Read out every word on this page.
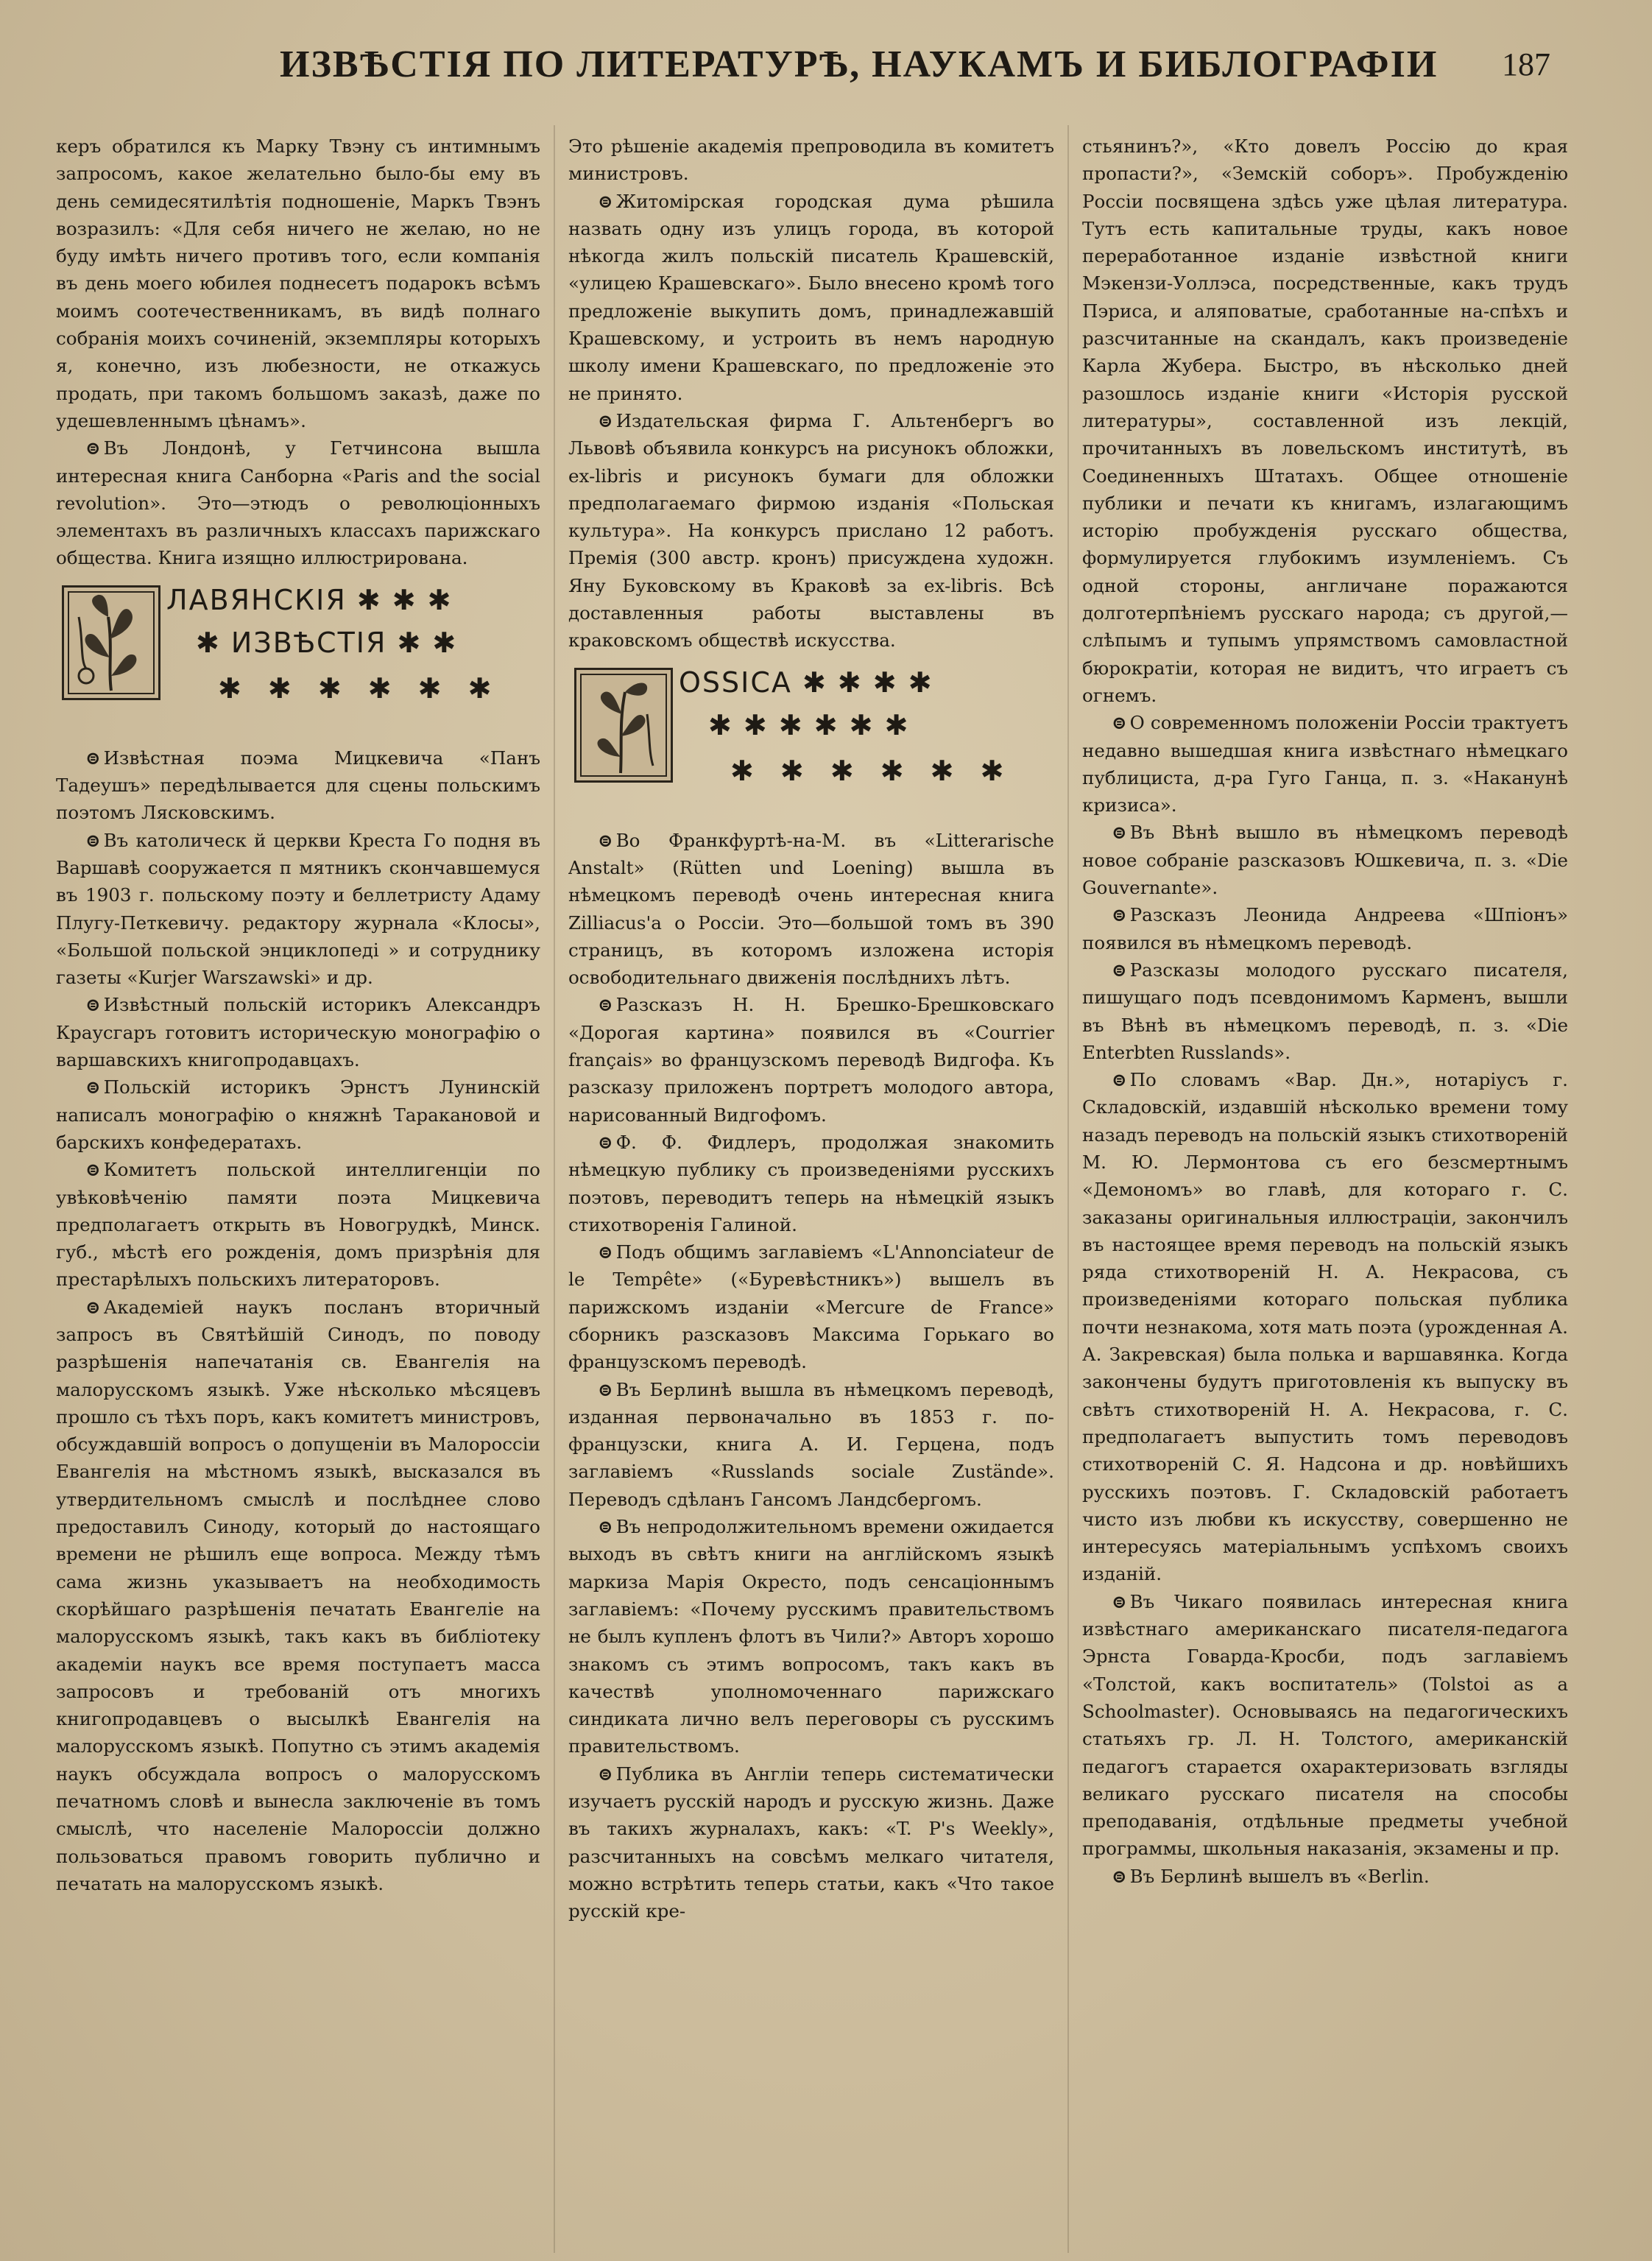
ИЗВѢСТІЯ ПО ЛИТЕРАТУРѢ, НАУКАМЪ И БИБЛОГРАФІИ 187

керъ обратился къ Марку Твэну съ интимнымъ запросомъ, какое желательно было-бы ему въ день семидесятилѣтія подношеніе, Маркъ Твэнъ возразилъ: «Для себя ничего не желаю, но не буду имѣть ничего противъ того, если компанія въ день моего юбилея поднесетъ подарокъ всѣмъ моимъ соотечественникамъ, въ видѣ полнаго собранія моихъ сочиненій, экземпляры которыхъ я, конечно, изъ любезности, не откажусь продать, при такомъ большомъ заказѣ, даже по удешевленнымъ цѣнамъ».

⊜ Въ Лондонѣ, у Гетчинсона вышла интересная книга Санборна «Paris and the social revolution». Это—этюдъ о революціонныхъ элементахъ въ различныхъ классахъ парижскаго общества. Книга изящно иллюстрирована.

ЛАВЯНСКІЯ ✱ ✱ ✱
✱ ИЗВѢСТІЯ ✱ ✱
✱ ✱ ✱ ✱ ✱ ✱

⊜ Извѣстная поэма Мицкевича «Панъ Тадеушъ» передѣлывается для сцены польскимъ поэтомъ Лясковскимъ.

⊜ Въ католическ й церкви Креста Го подня въ Варшавѣ сооружается п мятникъ скончавшемуся въ 1903 г. польскому поэту и беллетристу Адаму Плугу-Петкевичу. редактору журнала «Клосы», «Большой польской энциклопеді » и сотруднику газеты «Kurjer Warszawski» и др.

⊜ Извѣстный польскій историкъ Александръ Краусгаръ готовитъ историческую монографію о варшавскихъ книгопродавцахъ.

⊜ Польскій историкъ Эрнстъ Лунинскій написалъ монографію о княжнѣ Таракановой и барскихъ конфедератахъ.

⊜ Комитетъ польской интеллигенціи по увѣковѣченію памяти поэта Мицкевича предполагаетъ открыть въ Новогрудкѣ, Минск. губ., мѣстѣ его рожденія, домъ призрѣнія для престарѣлыхъ польскихъ литераторовъ.

⊜ Академіей наукъ посланъ вторичный запросъ въ Святѣйшій Синодъ, по поводу разрѣшенія напечатанія св. Евангелія на малорусскомъ языкѣ. Уже нѣсколько мѣсяцевъ прошло съ тѣхъ поръ, какъ комитетъ министровъ, обсуждавшій вопросъ о допущеніи въ Малороссіи Евангелія на мѣстномъ языкѣ, высказался въ утвердительномъ смыслѣ и послѣднее слово предоставилъ Синоду, который до настоящаго времени не рѣшилъ еще вопроса. Между тѣмъ сама жизнь указываетъ на необходимость скорѣйшаго разрѣшенія печатать Евангеліе на малорусскомъ языкѣ, такъ какъ въ библіотеку академіи наукъ все время поступаетъ масса запросовъ и требованій отъ многихъ книгопродавцевъ о высылкѣ Евангелія на малорусскомъ языкѣ. Попутно съ этимъ академія наукъ обсуждала вопросъ о малорусскомъ печатномъ словѣ и вынесла заключеніе въ томъ смыслѣ, что населеніе Малороссіи должно пользоваться правомъ говорить публично и печатать на малорусскомъ языкѣ.

Это рѣшеніе академія препроводила въ комитетъ министровъ.

⊜ Житомірская городская дума рѣшила назвать одну изъ улицъ города, въ которой нѣкогда жилъ польскій писатель Крашевскій, «улицею Крашевскаго». Было внесено кромѣ того предложеніе выкупить домъ, принадлежавшій Крашевскому, и устроить въ немъ народную школу имени Крашевскаго, по предложеніе это не принято.

⊜ Издательская фирма Г. Альтенбергъ во Львовѣ объявила конкурсъ на рисунокъ обложки, ex-libris и рисунокъ бумаги для обложки предполагаемаго фирмою изданія «Польская культура». На конкурсъ прислано 12 работъ. Премія (300 австр. кронъ) присуждена художн. Яну Буковскому въ Краковѣ за ex-libris. Всѣ доставленныя работы выставлены въ краковскомъ обществѣ искусства.

OSSICA ✱ ✱ ✱ ✱
✱ ✱ ✱ ✱ ✱ ✱
✱ ✱ ✱ ✱ ✱ ✱

⊜ Во Франкфуртѣ-на-М. въ «Litterarische Anstalt» (Rütten und Loening) вышла въ нѣмецкомъ переводѣ очень интересная книга Zilliacus'а о Россіи. Это—большой томъ въ 390 страницъ, въ которомъ изложена исторія освободительнаго движенія послѣднихъ лѣтъ.

⊜ Разсказъ Н. Н. Брешко-Брешковскаго «Дорогая картина» появился въ «Courrier français» во французскомъ переводѣ Видгофа. Къ разсказу приложенъ портретъ молодого автора, нарисованный Видгофомъ.

⊜ Ф. Ф. Фидлеръ, продолжая знакомить нѣмецкую публику съ произведеніями русскихъ поэтовъ, переводитъ теперь на нѣмецкій языкъ стихотворенія Галиной.

⊜ Подъ общимъ заглавіемъ «L'Annonciateur de le Tempête» («Буревѣстникъ») вышелъ въ парижскомъ изданіи «Mercure de France» сборникъ разсказовъ Максима Горькаго во французскомъ переводѣ.

⊜ Въ Берлинѣ вышла въ нѣмецкомъ переводѣ, изданная первоначально въ 1853 г. по-французски, книга А. И. Герцена, подъ заглавіемъ «Russlands sociale Zustände». Переводъ сдѣланъ Гансомъ Ландсбергомъ.

⊜ Въ непродолжительномъ времени ожидается выходъ въ свѣтъ книги на англійскомъ языкѣ маркиза Марія Окресто, подъ сенсаціоннымъ заглавіемъ: «Почему русскимъ правительствомъ не былъ купленъ флотъ въ Чили?» Авторъ хорошо знакомъ съ этимъ вопросомъ, такъ какъ въ качествѣ уполномоченнаго парижскаго синдиката лично велъ переговоры съ русскимъ правительствомъ.

⊜ Публика въ Англіи теперь систематически изучаетъ русскій народъ и русскую жизнь. Даже въ такихъ журналахъ, какъ: «T. P's Weekly», разсчитанныхъ на совсѣмъ мелкаго читателя, можно встрѣтить теперь статьи, какъ «Что такое русскій кре-

стьянинъ?», «Кто довелъ Россію до края пропасти?», «Земскій соборъ». Пробужденію Россіи посвящена здѣсь уже цѣлая литература. Тутъ есть капитальные труды, какъ новое переработанное изданіе извѣстной книги Мэкензи-Уоллэса, посредственные, какъ трудъ Пэриса, и аляповатые, сработанные на-спѣхъ и разсчитанные на скандалъ, какъ произведеніе Карла Жубера. Быстро, въ нѣсколько дней разошлось изданіе книги «Исторія русской литературы», составленной изъ лекцій, прочитанныхъ въ ловельскомъ институтѣ, въ Соединенныхъ Штатахъ. Общее отношеніе публики и печати къ книгамъ, излагающимъ исторію пробужденія русскаго общества, формулируется глубокимъ изумленіемъ. Съ одной стороны, англичане поражаются долготерпѣніемъ русскаго народа; съ другой,—слѣпымъ и тупымъ упрямствомъ самовластной бюрократіи, которая не видитъ, что играетъ съ огнемъ.

⊜ О современномъ положеніи Россіи трактуетъ недавно вышедшая книга извѣстнаго нѣмецкаго публициста, д-ра Гуго Ганца, п. з. «Наканунѣ кризиса».

⊜ Въ Вѣнѣ вышло въ нѣмецкомъ переводѣ новое собраніе разсказовъ Юшкевича, п. з. «Die Gouvernante».

⊜ Разсказъ Леонида Андреева «Шпіонъ» появился въ нѣмецкомъ переводѣ.

⊜ Разсказы молодого русскаго писателя, пишущаго подъ псевдонимомъ Карменъ, вышли въ Вѣнѣ въ нѣмецкомъ переводѣ, п. з. «Die Enterbten Russlands».

⊜ По словамъ «Вар. Дн.», нотаріусъ г. Складовскій, издавшій нѣсколько времени тому назадъ переводъ на польскій языкъ стихотвореній М. Ю. Лермонтова съ его безсмертнымъ «Демономъ» во главѣ, для котораго г. С. заказаны оригинальныя иллюстраціи, закончилъ въ настоящее время переводъ на польскій языкъ ряда стихотвореній Н. А. Некрасова, съ произведеніями котораго польская публика почти незнакома, хотя мать поэта (урожденная А. А. Закревская) была полька и варшавянка. Когда закончены будутъ приготовленія къ выпуску въ свѣтъ стихотвореній Н. А. Некрасова, г. С. предполагаетъ выпустить томъ переводовъ стихотвореній С. Я. Надсона и др. новѣйшихъ русскихъ поэтовъ. Г. Складовскій работаетъ чисто изъ любви къ искусству, совершенно не интересуясь матеріальнымъ успѣхомъ своихъ изданій.

⊜ Въ Чикаго появилась интересная книга извѣстнаго американскаго писателя-педагога Эрнста Говарда-Кросби, подъ заглавіемъ «Толстой, какъ воспитатель» (Tolstoi as a Schoolmaster). Основываясь на педагогическихъ статьяхъ гр. Л. Н. Толстого, американскій педагогъ старается охарактеризовать взгляды великаго русскаго писателя на способы преподаванія, отдѣльные предметы учебной программы, школьныя наказанія, экзамены и пр.

⊜ Въ Берлинѣ вышелъ въ «Berlin.
